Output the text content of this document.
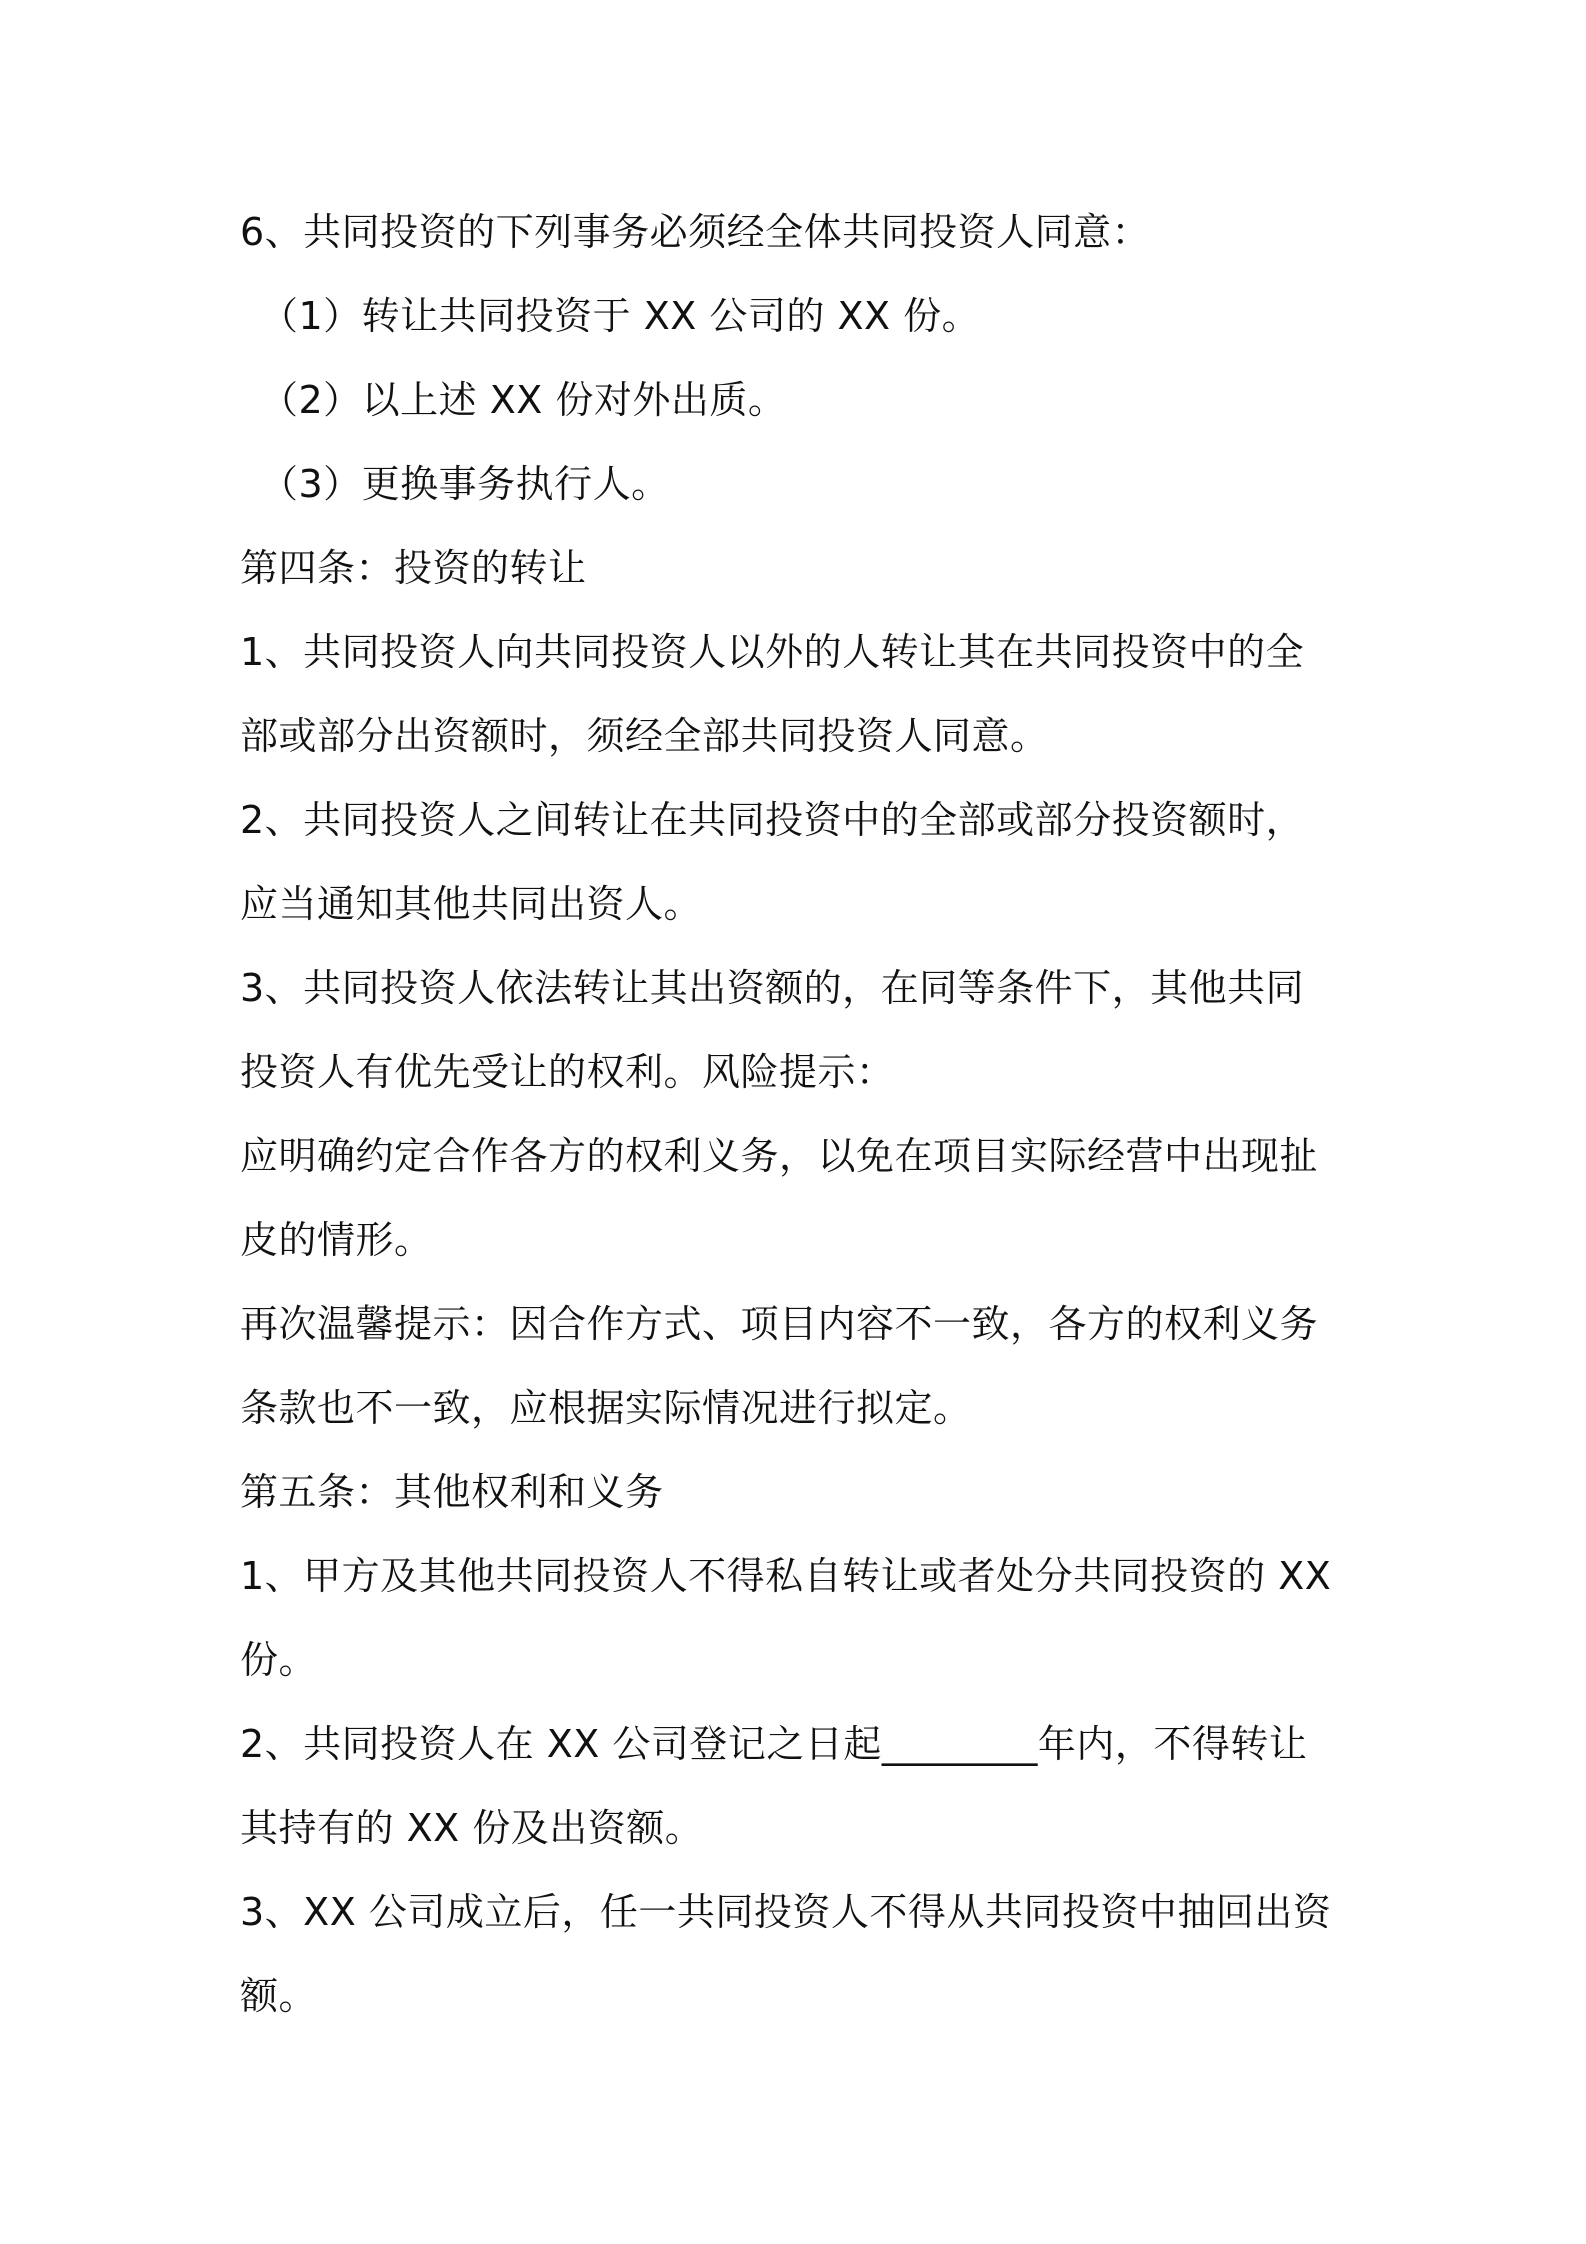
6、共同投资的下列事务必须经全体共同投资人同意：
（1）转让共同投资于 XX 公司的 XX 份。
（2）以上述 XX 份对外出质。
（3）更换事务执行人。
第四条：投资的转让
1、共同投资人向共同投资人以外的人转让其在共同投资中的全
部或部分出资额时，须经全部共同投资人同意。
2、共同投资人之间转让在共同投资中的全部或部分投资额时，
应当通知其他共同出资人。
3、共同投资人依法转让其出资额的，在同等条件下，其他共同
投资人有优先受让的权利。风险提示：
应明确约定合作各方的权利义务，以免在项目实际经营中出现扯
皮的情形。
再次温馨提示：因合作方式、项目内容不一致，各方的权利义务
条款也不一致，应根据实际情况进行拟定。
第五条：其他权利和义务
1、甲方及其他共同投资人不得私自转让或者处分共同投资的 XX
份。
2、共同投资人在 XX 公司登记之日起________年内，不得转让
其持有的 XX 份及出资额。
3、XX 公司成立后，任一共同投资人不得从共同投资中抽回出资
额。
